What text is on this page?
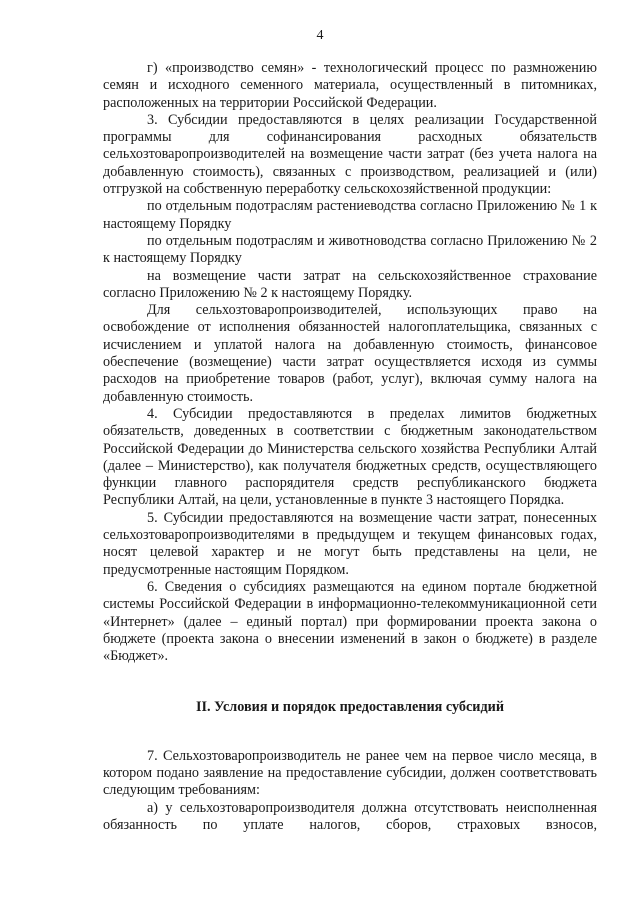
4

г) «производство семян» - технологический процесс по размножению семян и исходного семенного материала, осуществленный в питомниках, расположенных на территории Российской Федерации.

3. Субсидии предоставляются в целях реализации Государственной программы для софинансирования расходных обязательств сельхозтоваропроизводителей на возмещение части затрат (без учета налога на добавленную стоимость), связанных с производством, реализацией и (или) отгрузкой на собственную переработку сельскохозяйственной продукции:

по отдельным подотраслям растениеводства согласно Приложению № 1 к настоящему Порядку

по отдельным подотраслям и животноводства согласно Приложению № 2 к настоящему Порядку

на возмещение части затрат на сельскохозяйственное страхование согласно Приложению № 2 к настоящему Порядку.

Для сельхозтоваропроизводителей, использующих право на освобождение от исполнения обязанностей налогоплательщика, связанных с исчислением и уплатой налога на добавленную стоимость, финансовое обеспечение (возмещение) части затрат осуществляется исходя из суммы расходов на приобретение товаров (работ, услуг), включая сумму налога на добавленную стоимость.

4. Субсидии предоставляются в пределах лимитов бюджетных обязательств, доведенных в соответствии с бюджетным законодательством Российской Федерации до Министерства сельского хозяйства Республики Алтай (далее – Министерство), как получателя бюджетных средств, осуществляющего функции главного распорядителя средств республиканского бюджета Республики Алтай, на цели, установленные в пункте 3 настоящего Порядка.

5. Субсидии предоставляются на возмещение части затрат, понесенных сельхозтоваропроизводителями в предыдущем и текущем финансовых годах, носят целевой характер и не могут быть представлены на цели, не предусмотренные настоящим Порядком.

6. Сведения о субсидиях размещаются на едином портале бюджетной системы Российской Федерации в информационно-телекоммуникационной сети «Интернет» (далее – единый портал) при формировании проекта закона о бюджете (проекта закона о внесении изменений в закон о бюджете) в разделе «Бюджет».

II. Условия и порядок предоставления субсидий

7. Сельхозтоваропроизводитель не ранее чем на первое число месяца, в котором подано заявление на предоставление субсидии, должен соответствовать следующим требованиям:

а) у сельхозтоваропроизводителя должна отсутствовать неисполненная обязанность по уплате налогов, сборов, страховых взносов,
